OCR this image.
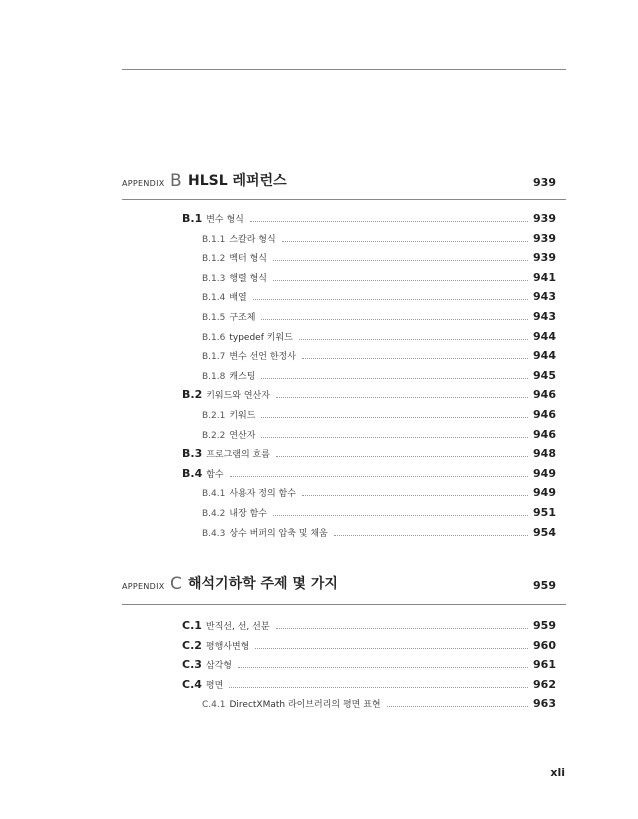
APPENDIX B HLSL 레퍼런스	939
B.1 변수 형식	939
B.1.1 스칼라 형식	939
B.1.2 벡터 형식	939
B.1.3 행렬 형식	941
B.1.4 배열	943
B.1.5 구조체	943
B.1.6 typedef 키워드	944
B.1.7 변수 선언 한정사	944
B.1.8 캐스팅	945
B.2 키워드와 연산자	946
B.2.1 키워드	946
B.2.2 연산자	946
B.3 프로그램의 흐름	948
B.4 함수	949
B.4.1 사용자 정의 함수	949
B.4.2 내장 함수	951
B.4.3 상수 버퍼의 압축 및 채움	954
APPENDIX C 해석기하학 주제 몇 가지	959
C.1 반직선, 선, 선분	959
C.2 평행사변형	960
C.3 삼각형	961
C.4 평면	962
C.4.1 DirectXMath 라이브러리의 평면 표현	963
xli
